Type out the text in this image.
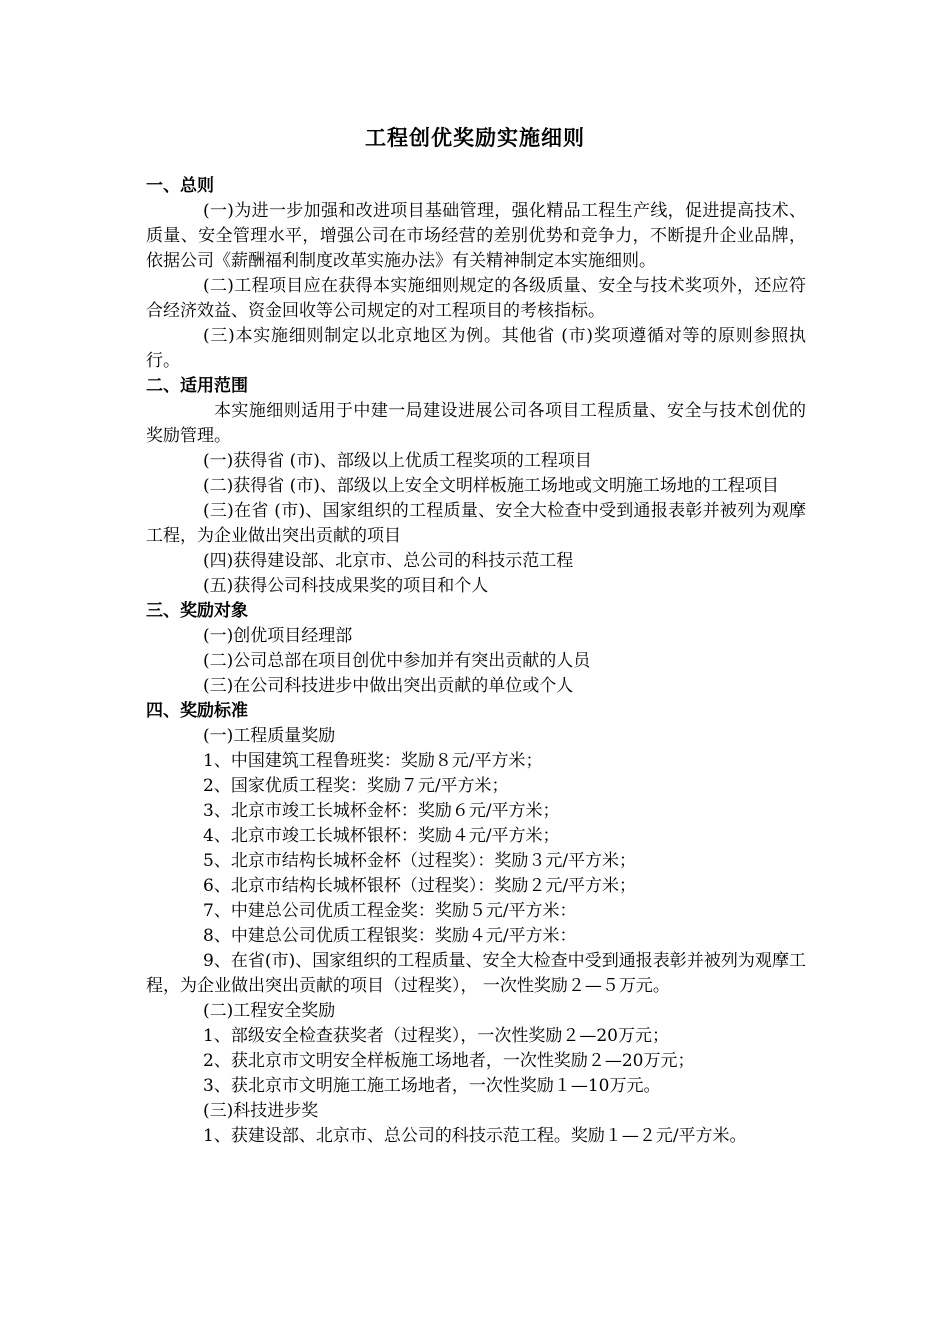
工程创优奖励实施细则
一、总则
(一)为进一步加强和改进项目基础管理，强化精品工程生产线，促进提高技术、质量、安全管理水平，增强公司在市场经营的差别优势和竞争力，不断提升企业品牌，依据公司《薪酬福利制度改革实施办法》有关精神制定本实施细则。
(二)工程项目应在获得本实施细则规定的各级质量、安全与技术奖项外，还应符合经济效益、资金回收等公司规定的对工程项目的考核指标。
(三)本实施细则制定以北京地区为例。其他省 (市)奖项遵循对等的原则参照执行。
二、适用范围
本实施细则适用于中建一局建设进展公司各项目工程质量、安全与技术创优的奖励管理。
(一)获得省 (市)、部级以上优质工程奖项的工程项目
(二)获得省 (市)、部级以上安全文明样板施工场地或文明施工场地的工程项目
(三)在省 (市)、国家组织的工程质量、安全大检查中受到通报表彰并被列为观摩工程，为企业做出突出贡献的项目
(四)获得建设部、北京市、总公司的科技示范工程
(五)获得公司科技成果奖的项目和个人
三、奖励对象
(一)创优项目经理部
(二)公司总部在项目创优中参加并有突出贡献的人员
(三)在公司科技进步中做出突出贡献的单位或个人
四、奖励标准
(一)工程质量奖励
1、中国建筑工程鲁班奖：奖励８元/平方米；
2、国家优质工程奖：奖励７元/平方米；
3、北京市竣工长城杯金杯：奖励６元/平方米；
4、北京市竣工长城杯银杯：奖励４元/平方米；
5、北京市结构长城杯金杯（过程奖）：奖励３元/平方米；
6、北京市结构长城杯银杯（过程奖）：奖励２元/平方米；
7、中建总公司优质工程金奖：奖励５元/平方米：
8、中建总公司优质工程银奖：奖励４元/平方米：
9、在省(市)、国家组织的工程质量、安全大检查中受到通报表彰并被列为观摩工程，为企业做出突出贡献的项目（过程奖）， 一次性奖励２—５万元。
(二)工程安全奖励
1、部级安全检查获奖者（过程奖），一次性奖励２—20万元；
2、获北京市文明安全样板施工场地者，一次性奖励２—20万元；
3、获北京市文明施工施工场地者，一次性奖励１—10万元。
(三)科技进步奖
1、获建设部、北京市、总公司的科技示范工程。奖励１—２元/平方米。
